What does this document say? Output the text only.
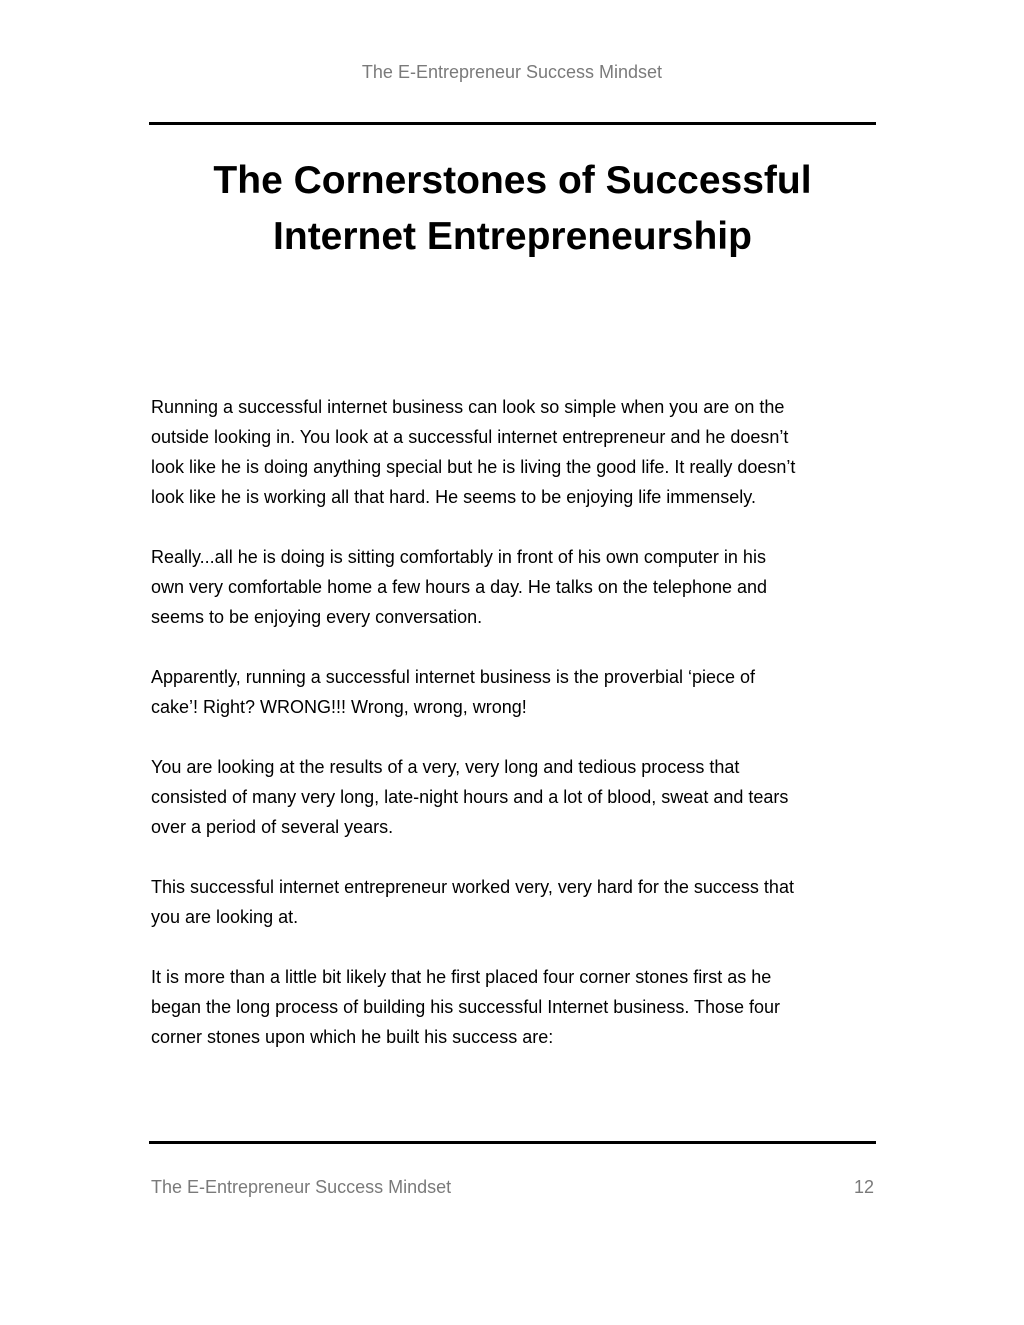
The E-Entrepreneur Success Mindset
The Cornerstones of Successful
Internet Entrepreneurship

Running a successful internet business can look so simple when you are on the
outside looking in. You look at a successful internet entrepreneur and he doesn’t
look like he is doing anything special but he is living the good life. It really doesn’t
look like he is working all that hard. He seems to be enjoying life immensely.

Really...all he is doing is sitting comfortably in front of his own computer in his
own very comfortable home a few hours a day. He talks on the telephone and
seems to be enjoying every conversation.

Apparently, running a successful internet business is the proverbial ‘piece of
cake’! Right? WRONG!!! Wrong, wrong, wrong!

You are looking at the results of a very, very long and tedious process that
consisted of many very long, late-night hours and a lot of blood, sweat and tears
over a period of several years.

This successful internet entrepreneur worked very, very hard for the success that
you are looking at.

It is more than a little bit likely that he first placed four corner stones first as he
began the long process of building his successful Internet business. Those four
corner stones upon which he built his success are:

The E-Entrepreneur Success Mindset	12
